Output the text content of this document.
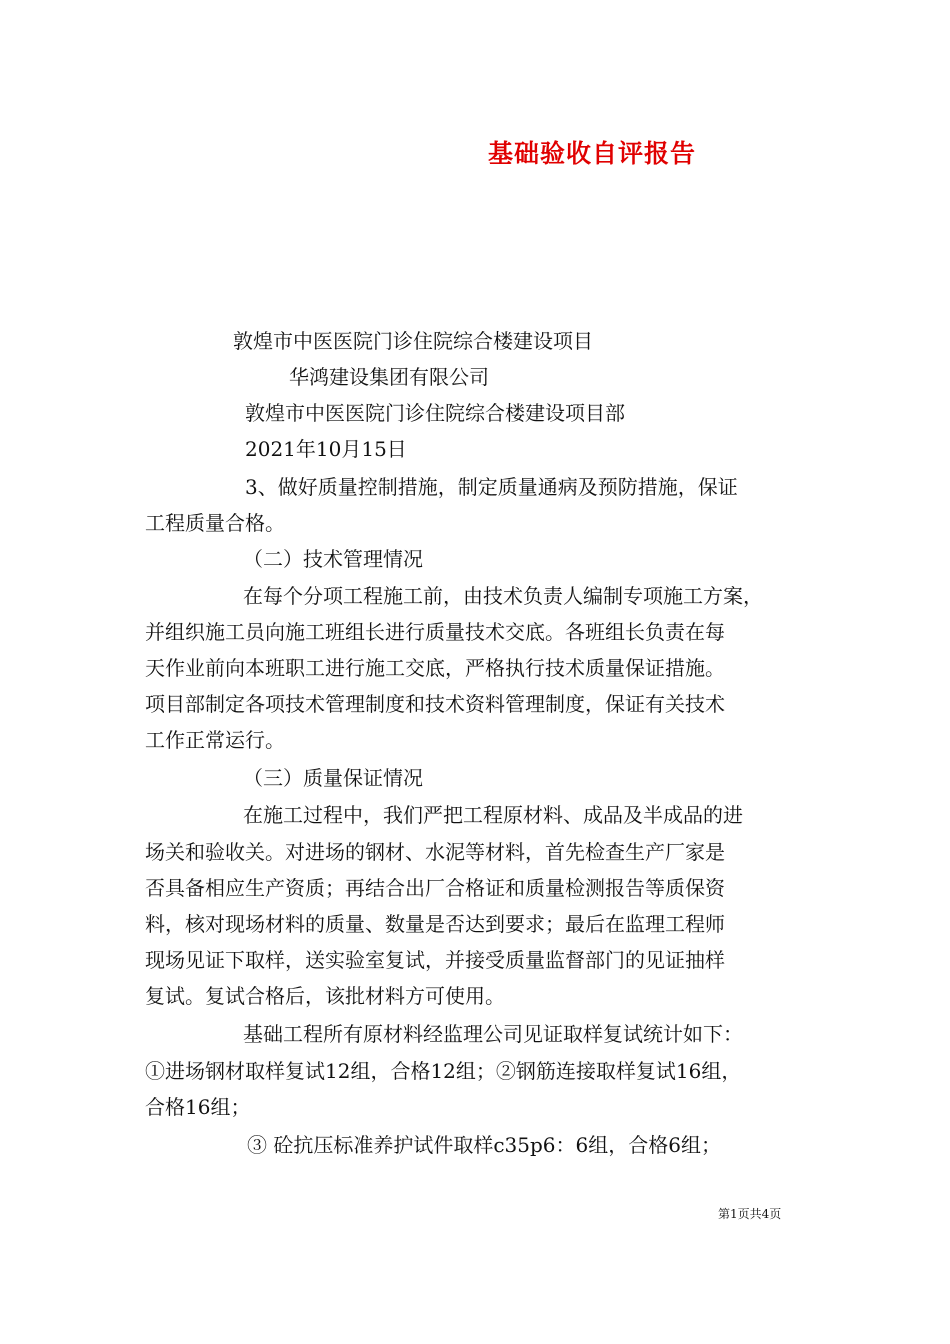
基础验收自评报告
敦煌市中医医院门诊住院综合楼建设项目
华鸿建设集团有限公司
敦煌市中医医院门诊住院综合楼建设项目部
2021年10月15日
3、做好质量控制措施，制定质量通病及预防措施，保证
工程质量合格。
（二）技术管理情况
在每个分项工程施工前，由技术负责人编制专项施工方案，
并组织施工员向施工班组长进行质量技术交底。各班组长负责在每
天作业前向本班职工进行施工交底，严格执行技术质量保证措施。
项目部制定各项技术管理制度和技术资料管理制度，保证有关技术
工作正常运行。
（三）质量保证情况
在施工过程中，我们严把工程原材料、成品及半成品的进
场关和验收关。对进场的钢材、水泥等材料，首先检查生产厂家是
否具备相应生产资质；再结合出厂合格证和质量检测报告等质保资
料，核对现场材料的质量、数量是否达到要求；最后在监理工程师
现场见证下取样，送实验室复试，并接受质量监督部门的见证抽样
复试。复试合格后，该批材料方可使用。
基础工程所有原材料经监理公司见证取样复试统计如下：
①进场钢材取样复试12组，合格12组；②钢筋连接取样复试16组，
合格16组；
③ 砼抗压标准养护试件取样c35p6：6组，合格6组；
第1页共4页
